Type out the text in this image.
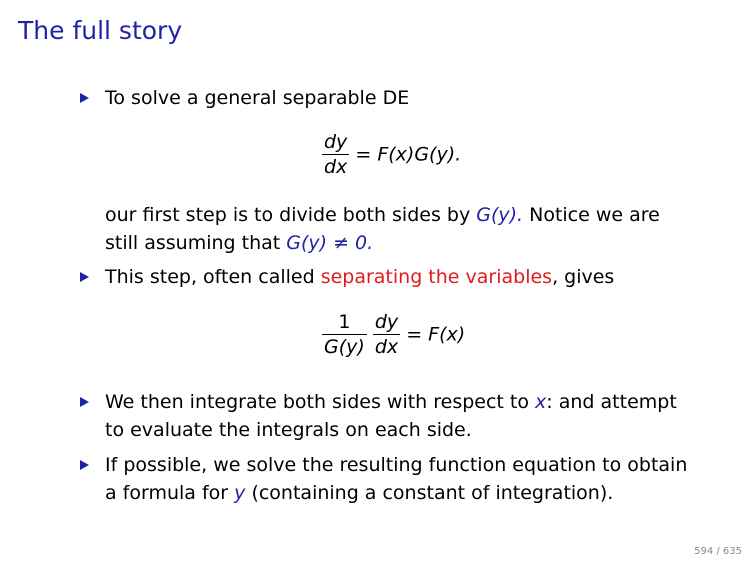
The full story
To solve a general separable DE
$\frac{dy}{dx} = F(x)G(y)$.
our first step is to divide both sides by G(y). Notice we are
still assuming that G(y) ≠ 0.
This step, often called separating the variables, gives
$\frac{1}{G(y)}$
$\frac{dy}{dx} = F(x)$
We then integrate both sides with respect to x: and attempt
to evaluate the integrals on each side.
If possible, we solve the resulting function equation to obtain
a formula for y (containing a constant of integration).
594 / 635
